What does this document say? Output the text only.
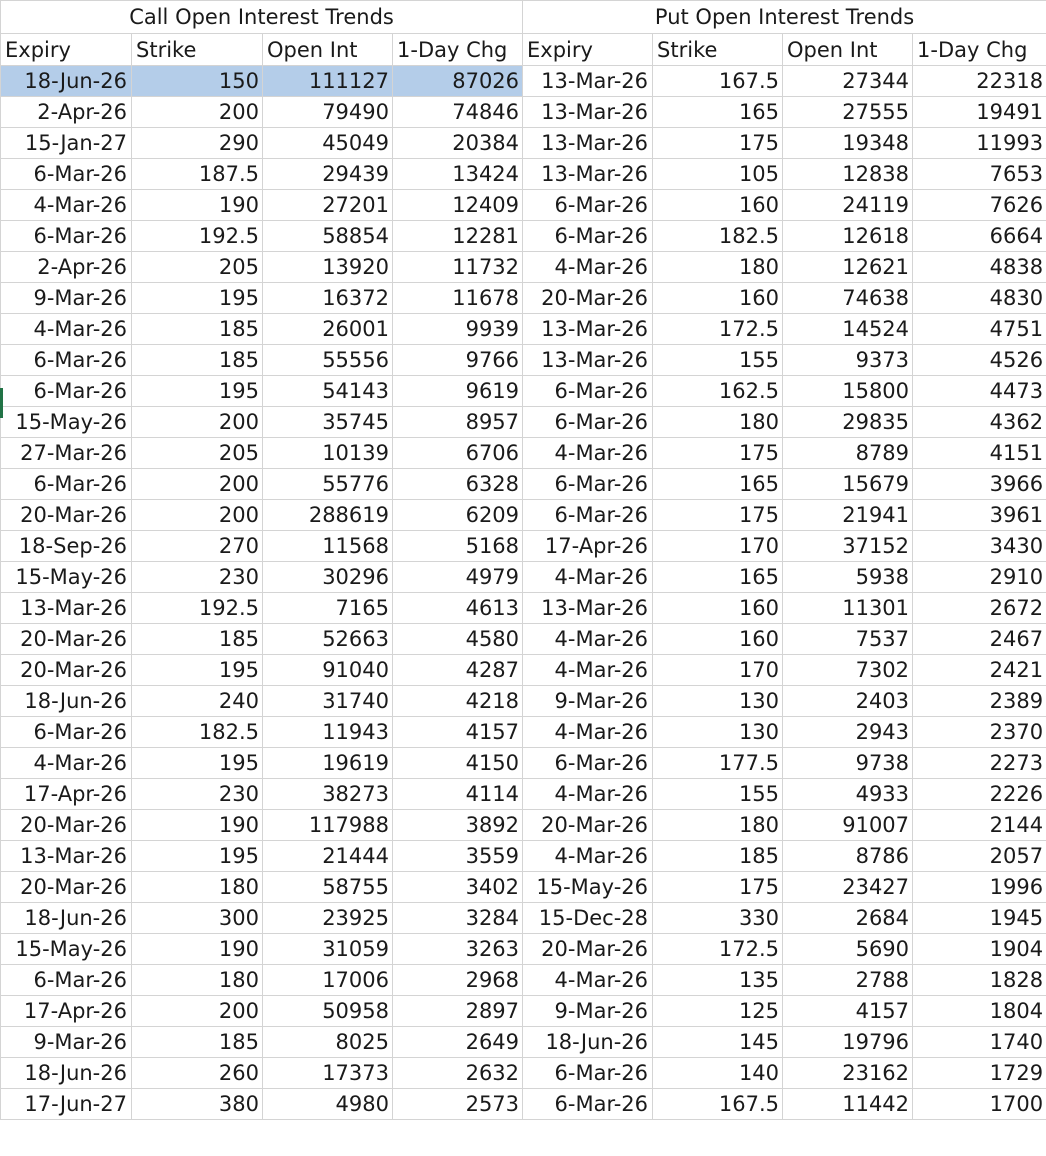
Call Open Interest Trends				Put Open Interest Trends			
Expiry	Strike	Open Int	1-Day Chg	Expiry	Strike	Open Int	1-Day Chg
18-Jun-26	150	111127	87026	13-Mar-26	167.5	27344	22318
2-Apr-26	200	79490	74846	13-Mar-26	165	27555	19491
15-Jan-27	290	45049	20384	13-Mar-26	175	19348	11993
6-Mar-26	187.5	29439	13424	13-Mar-26	105	12838	7653
4-Mar-26	190	27201	12409	6-Mar-26	160	24119	7626
6-Mar-26	192.5	58854	12281	6-Mar-26	182.5	12618	6664
2-Apr-26	205	13920	11732	4-Mar-26	180	12621	4838
9-Mar-26	195	16372	11678	20-Mar-26	160	74638	4830
4-Mar-26	185	26001	9939	13-Mar-26	172.5	14524	4751
6-Mar-26	185	55556	9766	13-Mar-26	155	9373	4526
6-Mar-26	195	54143	9619	6-Mar-26	162.5	15800	4473
15-May-26	200	35745	8957	6-Mar-26	180	29835	4362
27-Mar-26	205	10139	6706	4-Mar-26	175	8789	4151
6-Mar-26	200	55776	6328	6-Mar-26	165	15679	3966
20-Mar-26	200	288619	6209	6-Mar-26	175	21941	3961
18-Sep-26	270	11568	5168	17-Apr-26	170	37152	3430
15-May-26	230	30296	4979	4-Mar-26	165	5938	2910
13-Mar-26	192.5	7165	4613	13-Mar-26	160	11301	2672
20-Mar-26	185	52663	4580	4-Mar-26	160	7537	2467
20-Mar-26	195	91040	4287	4-Mar-26	170	7302	2421
18-Jun-26	240	31740	4218	9-Mar-26	130	2403	2389
6-Mar-26	182.5	11943	4157	4-Mar-26	130	2943	2370
4-Mar-26	195	19619	4150	6-Mar-26	177.5	9738	2273
17-Apr-26	230	38273	4114	4-Mar-26	155	4933	2226
20-Mar-26	190	117988	3892	20-Mar-26	180	91007	2144
13-Mar-26	195	21444	3559	4-Mar-26	185	8786	2057
20-Mar-26	180	58755	3402	15-May-26	175	23427	1996
18-Jun-26	300	23925	3284	15-Dec-28	330	2684	1945
15-May-26	190	31059	3263	20-Mar-26	172.5	5690	1904
6-Mar-26	180	17006	2968	4-Mar-26	135	2788	1828
17-Apr-26	200	50958	2897	9-Mar-26	125	4157	1804
9-Mar-26	185	8025	2649	18-Jun-26	145	19796	1740
18-Jun-26	260	17373	2632	6-Mar-26	140	23162	1729
17-Jun-27	380	4980	2573	6-Mar-26	167.5	11442	1700
